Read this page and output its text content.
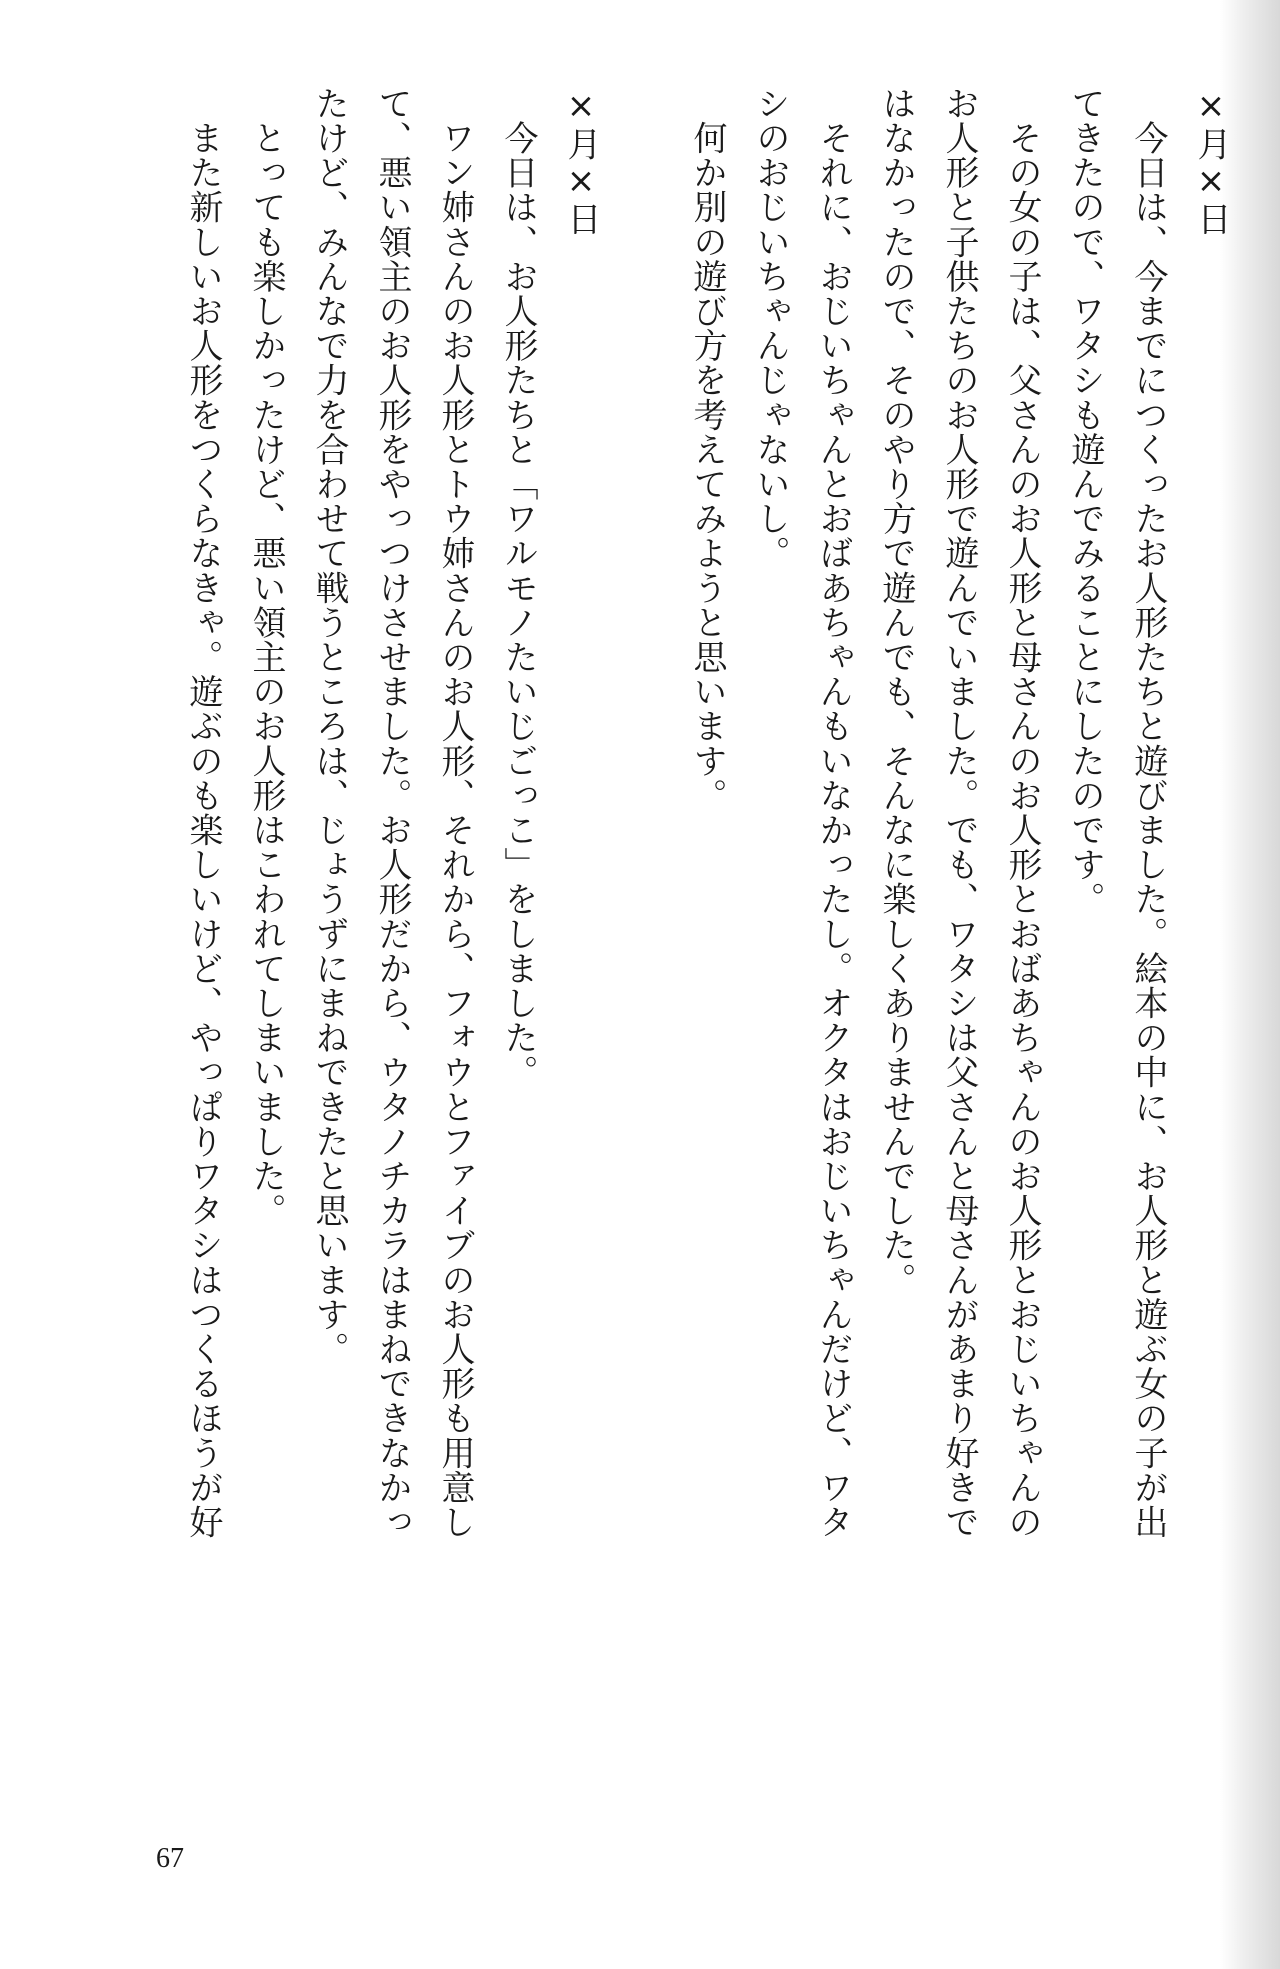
×月×日

　今日は、今までにつくったお人形たちと遊びました。絵本の中に、お人形と遊ぶ女の子が出

てきたので、ワタシも遊んでみることにしたのです。

　その女の子は、父さんのお人形と母さんのお人形とおばあちゃんのお人形とおじいちゃんの

お人形と子供たちのお人形で遊んでいました。でも、ワタシは父さんと母さんがあまり好きで

はなかったので、そのやり方で遊んでも、そんなに楽しくありませんでした。

　それに、おじいちゃんとおばあちゃんもいなかったし。オクタはおじいちゃんだけど、ワタ

シのおじいちゃんじゃないし。

　何か別の遊び方を考えてみようと思います。

×月×日

　今日は、お人形たちと「ワルモノたいじごっこ」をしました。

　ワン姉さんのお人形とトウ姉さんのお人形、それから、フォウとファイブのお人形も用意し

て、悪い領主のお人形をやっつけさせました。お人形だから、ウタノチカラはまねできなかっ

たけど、みんなで力を合わせて戦うところは、じょうずにまねできたと思います。

　とっても楽しかったけど、悪い領主のお人形はこわれてしまいました。

　また新しいお人形をつくらなきゃ。遊ぶのも楽しいけど、やっぱりワタシはつくるほうが好

67
